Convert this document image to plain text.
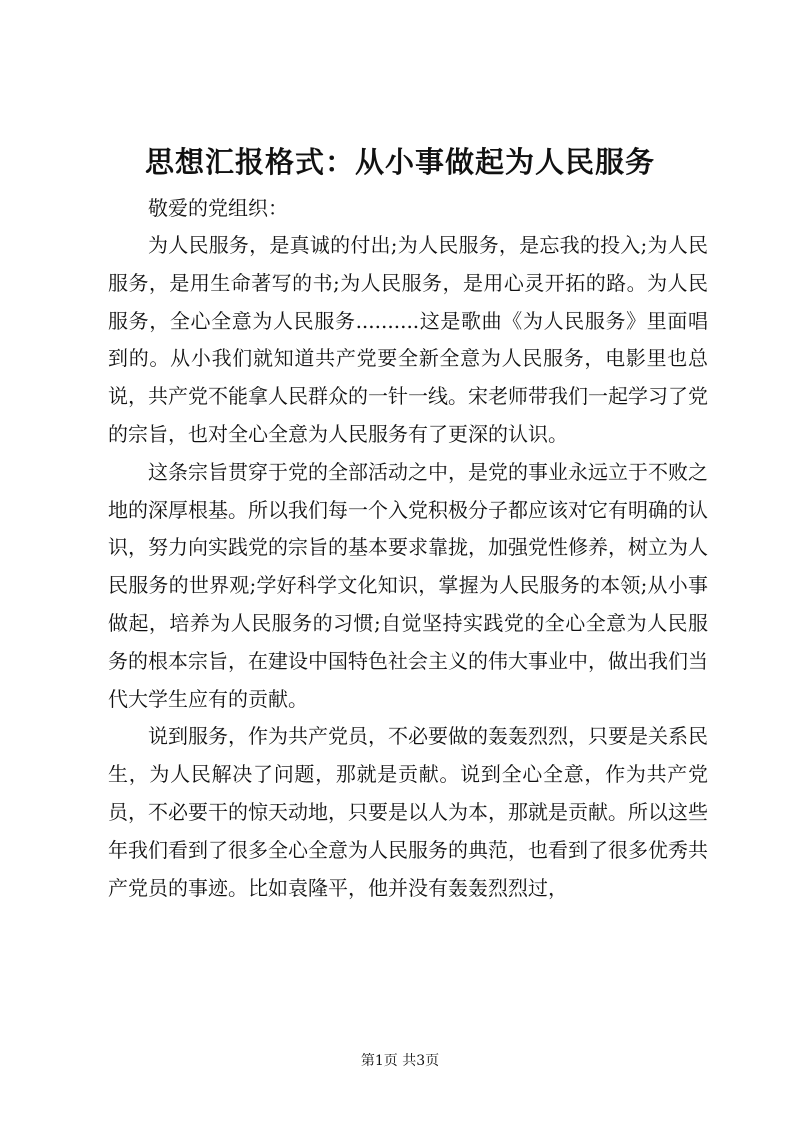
思想汇报格式：从小事做起为人民服务

敬爱的党组织：

为人民服务，是真诚的付出;为人民服务，是忘我的投入;为人民服务，是用生命著写的书;为人民服务，是用心灵开拓的路。为人民服务，全心全意为人民服务..........这是歌曲《为人民服务》里面唱到的。从小我们就知道共产党要全新全意为人民服务，电影里也总说，共产党不能拿人民群众的一针一线。宋老师带我们一起学习了党的宗旨，也对全心全意为人民服务有了更深的认识。

这条宗旨贯穿于党的全部活动之中，是党的事业永远立于不败之地的深厚根基。所以我们每一个入党积极分子都应该对它有明确的认识，努力向实践党的宗旨的基本要求靠拢，加强党性修养，树立为人民服务的世界观;学好科学文化知识，掌握为人民服务的本领;从小事做起，培养为人民服务的习惯;自觉坚持实践党的全心全意为人民服务的根本宗旨，在建设中国特色社会主义的伟大事业中，做出我们当代大学生应有的贡献。

说到服务，作为共产党员，不必要做的轰轰烈烈，只要是关系民生，为人民解决了问题，那就是贡献。说到全心全意，作为共产党员，不必要干的惊天动地，只要是以人为本，那就是贡献。所以这些年我们看到了很多全心全意为人民服务的典范，也看到了很多优秀共产党员的事迹。比如袁隆平，他并没有轰轰烈烈过，

第1页 共3页
